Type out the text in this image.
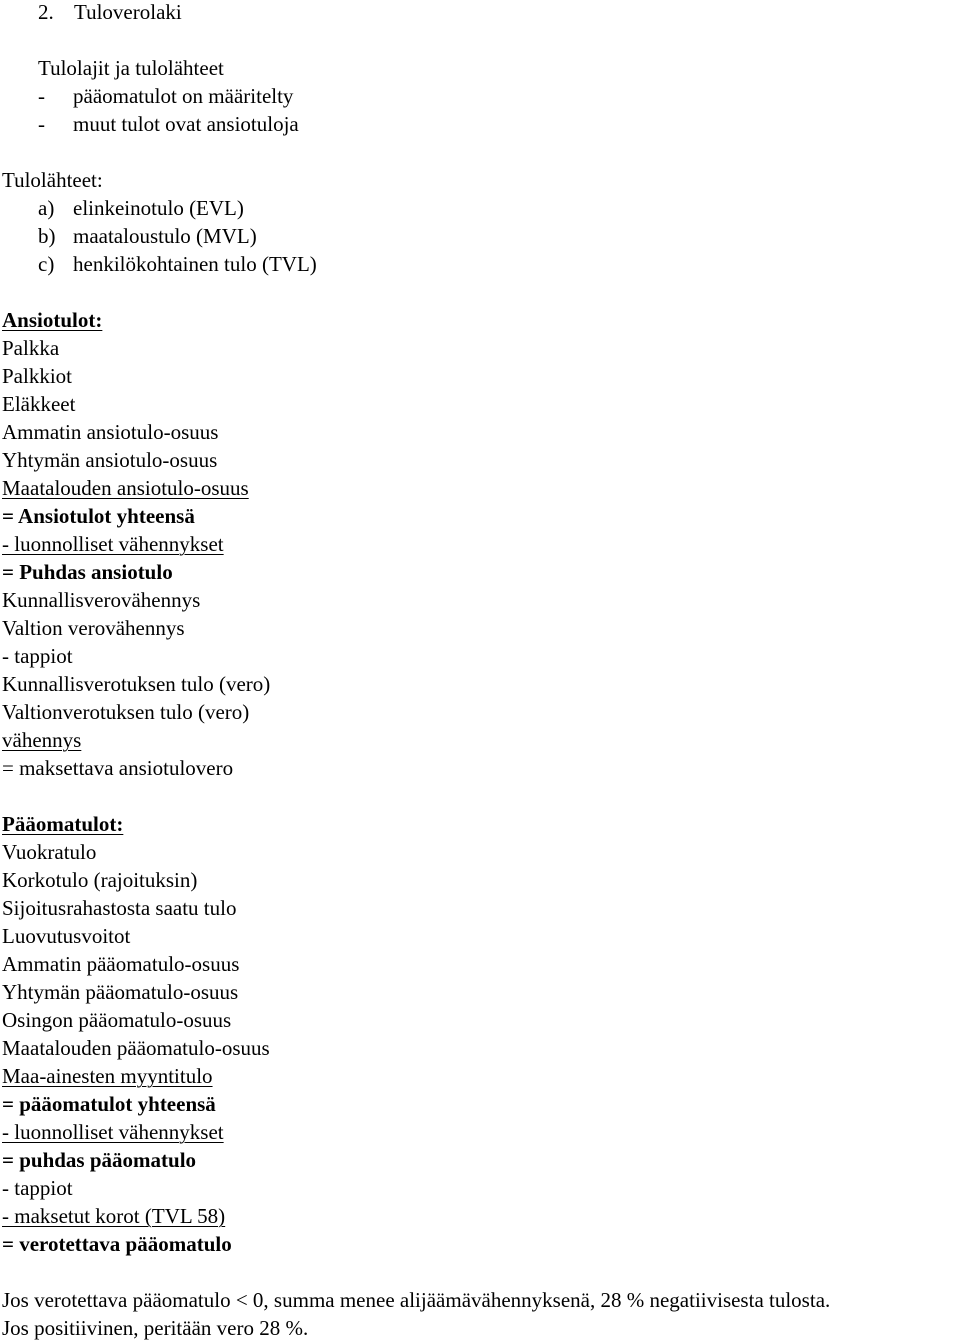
2. Tuloverolaki
Tulolajit ja tulolähteet
- pääomatulot on määritelty
- muut tulot ovat ansiotuloja
Tulolähteet:
a) elinkeinotulo (EVL)
b) maataloustulo (MVL)
c) henkilökohtainen tulo (TVL)
Ansiotulot:
Palkka
Palkkiot
Eläkkeet
Ammatin ansiotulo-osuus
Yhtymän ansiotulo-osuus
Maatalouden ansiotulo-osuus
= Ansiotulot yhteensä
- luonnolliset vähennykset
= Puhdas ansiotulo
Kunnallisverovähennys
Valtion verovähennys
- tappiot
Kunnallisverotuksen tulo (vero)
Valtionverotuksen tulo (vero)
vähennys
= maksettava ansiotulovero
Pääomatulot:
Vuokratulo
Korkotulo (rajoituksin)
Sijoitusrahastosta saatu tulo
Luovutusvoitot
Ammatin pääomatulo-osuus
Yhtymän pääomatulo-osuus
Osingon pääomatulo-osuus
Maatalouden pääomatulo-osuus
Maa-ainesten myyntitulo
= pääomatulot yhteensä
- luonnolliset vähennykset
= puhdas pääomatulo
- tappiot
- maksetut korot (TVL 58)
= verotettava pääomatulo
Jos verotettava pääomatulo < 0, summa menee alijäämävähennyksenä, 28 % negatiivisesta tulosta.
Jos positiivinen, peritään vero 28 %.
